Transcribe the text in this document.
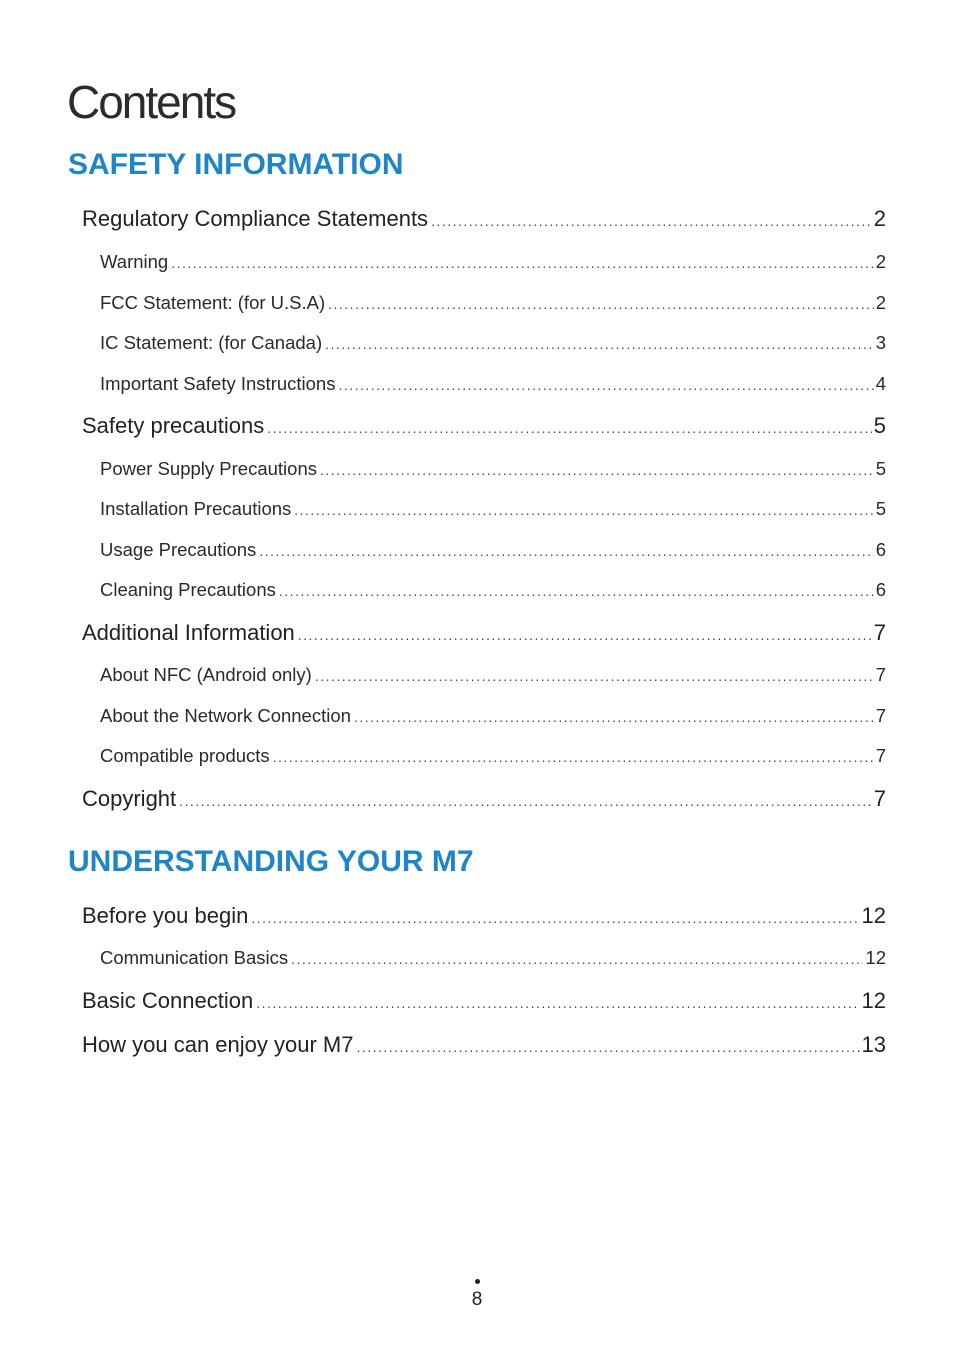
Contents
SAFETY INFORMATION
Regulatory Compliance Statements . . .	2
Warning . . .	2
FCC Statement: (for U.S.A) . . .	2
IC Statement: (for Canada) . . .	3
Important Safety Instructions . . .	4
Safety precautions . . .	5
Power Supply Precautions . . .	5
Installation Precautions . . .	5
Usage Precautions . . .	6
Cleaning Precautions . . .	6
Additional Information . . .	7
About NFC (Android only) . . .	7
About the Network Connection . . .	7
Compatible products . . .	7
Copyright . . .	7
UNDERSTANDING YOUR M7
Before you begin . . .	12
Communication Basics . . .	12
Basic Connection . . .	12
How you can enjoy your M7 . . .	13
8
